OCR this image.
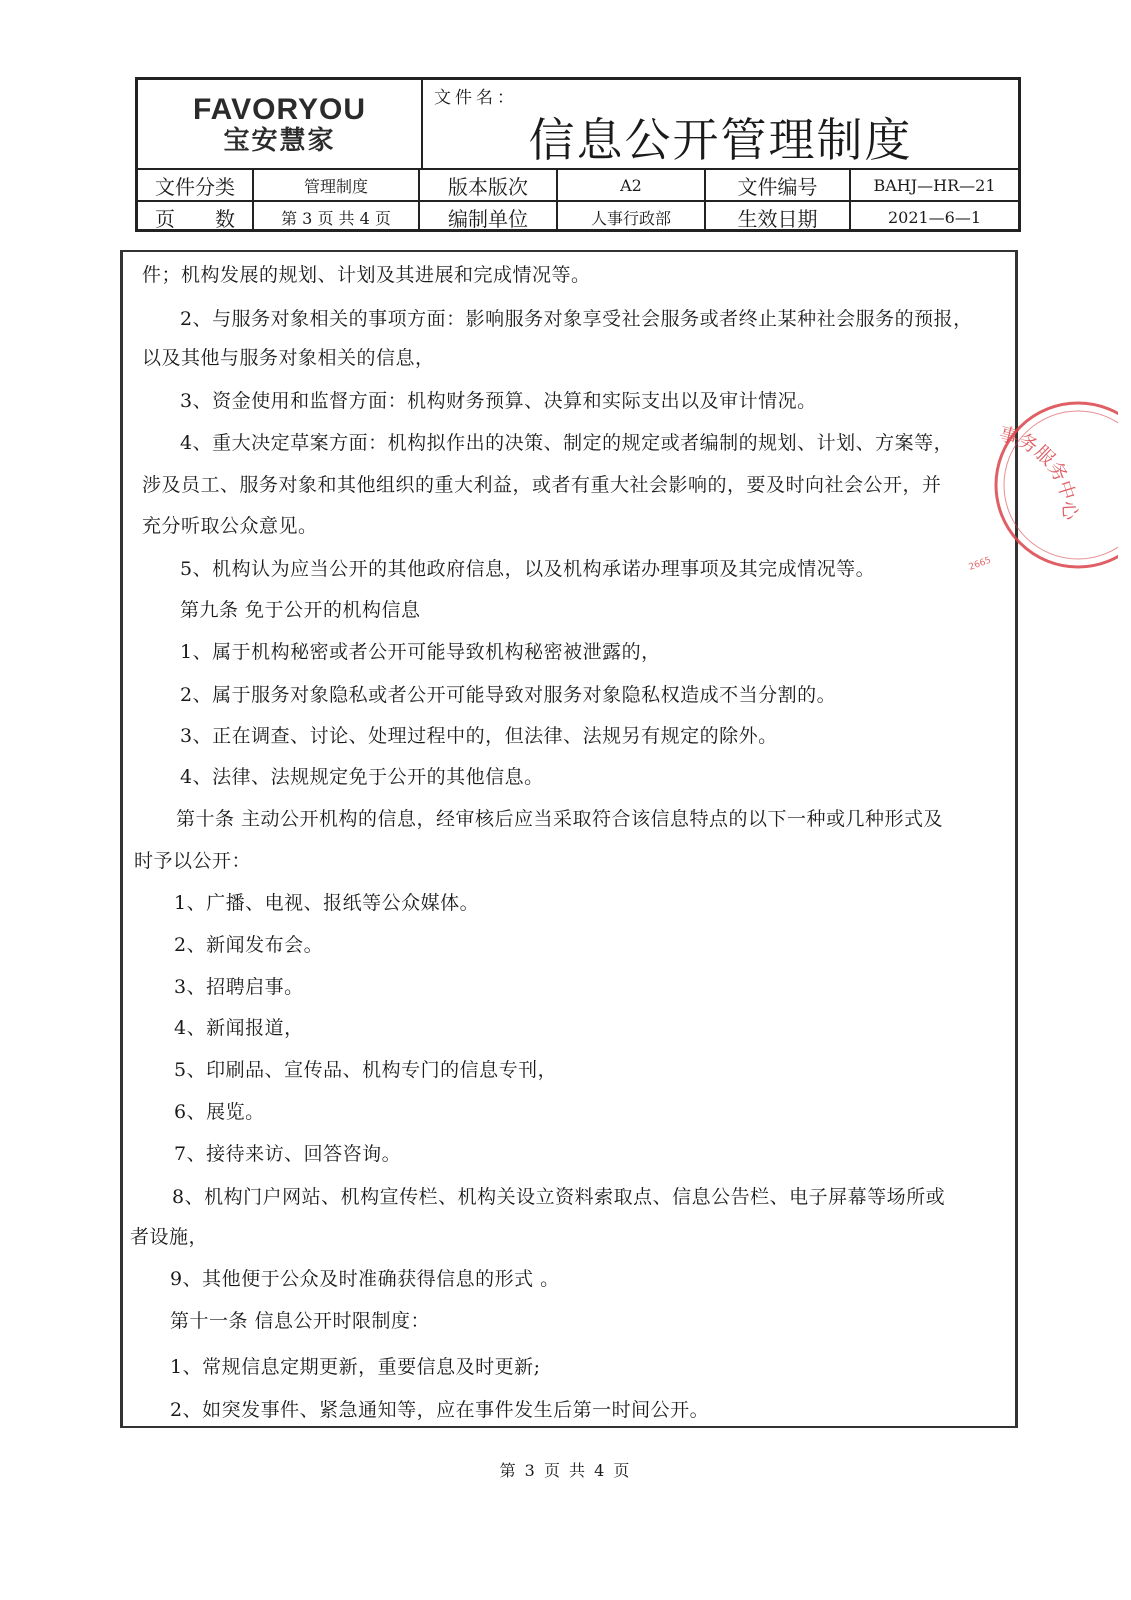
FAVORYOU
宝安慧家
文件名：
信息公开管理制度
文件分类	管理制度	版本版次	A2	文件编号	BAHJ—HR—21
页　　数	第 3 页 共 4 页	编制单位	人事行政部	生效日期	2021—6—1
件；机构发展的规划、计划及其进展和完成情况等。
2、与服务对象相关的事项方面：影响服务对象享受社会服务或者终止某种社会服务的预报，
以及其他与服务对象相关的信息，
3、资金使用和监督方面：机构财务预算、决算和实际支出以及审计情况。
4、重大决定草案方面：机构拟作出的决策、制定的规定或者编制的规划、计划、方案等，
涉及员工、服务对象和其他组织的重大利益，或者有重大社会影响的，要及时向社会公开，并
充分听取公众意见。
5、机构认为应当公开的其他政府信息，以及机构承诺办理事项及其完成情况等。
第九条 免于公开的机构信息
1、属于机构秘密或者公开可能导致机构秘密被泄露的，
2、属于服务对象隐私或者公开可能导致对服务对象隐私权造成不当分割的。
3、正在调查、讨论、处理过程中的，但法律、法规另有规定的除外。
4、法律、法规规定免于公开的其他信息。
第十条 主动公开机构的信息，经审核后应当采取符合该信息特点的以下一种或几种形式及
时予以公开：
1、广播、电视、报纸等公众媒体。
2、新闻发布会。
3、招聘启事。
4、新闻报道，
5、印刷品、宣传品、机构专门的信息专刊，
6、展览。
7、接待来访、回答咨询。
8、机构门户网站、机构宣传栏、机构关设立资料索取点、信息公告栏、电子屏幕等场所或
者设施，
9、其他便于公众及时准确获得信息的形式 。
第十一条 信息公开时限制度：
1、常规信息定期更新，重要信息及时更新;
2、如突发事件、紧急通知等，应在事件发生后第一时间公开。
事务服务中心
2665
第 3 页 共 4 页
